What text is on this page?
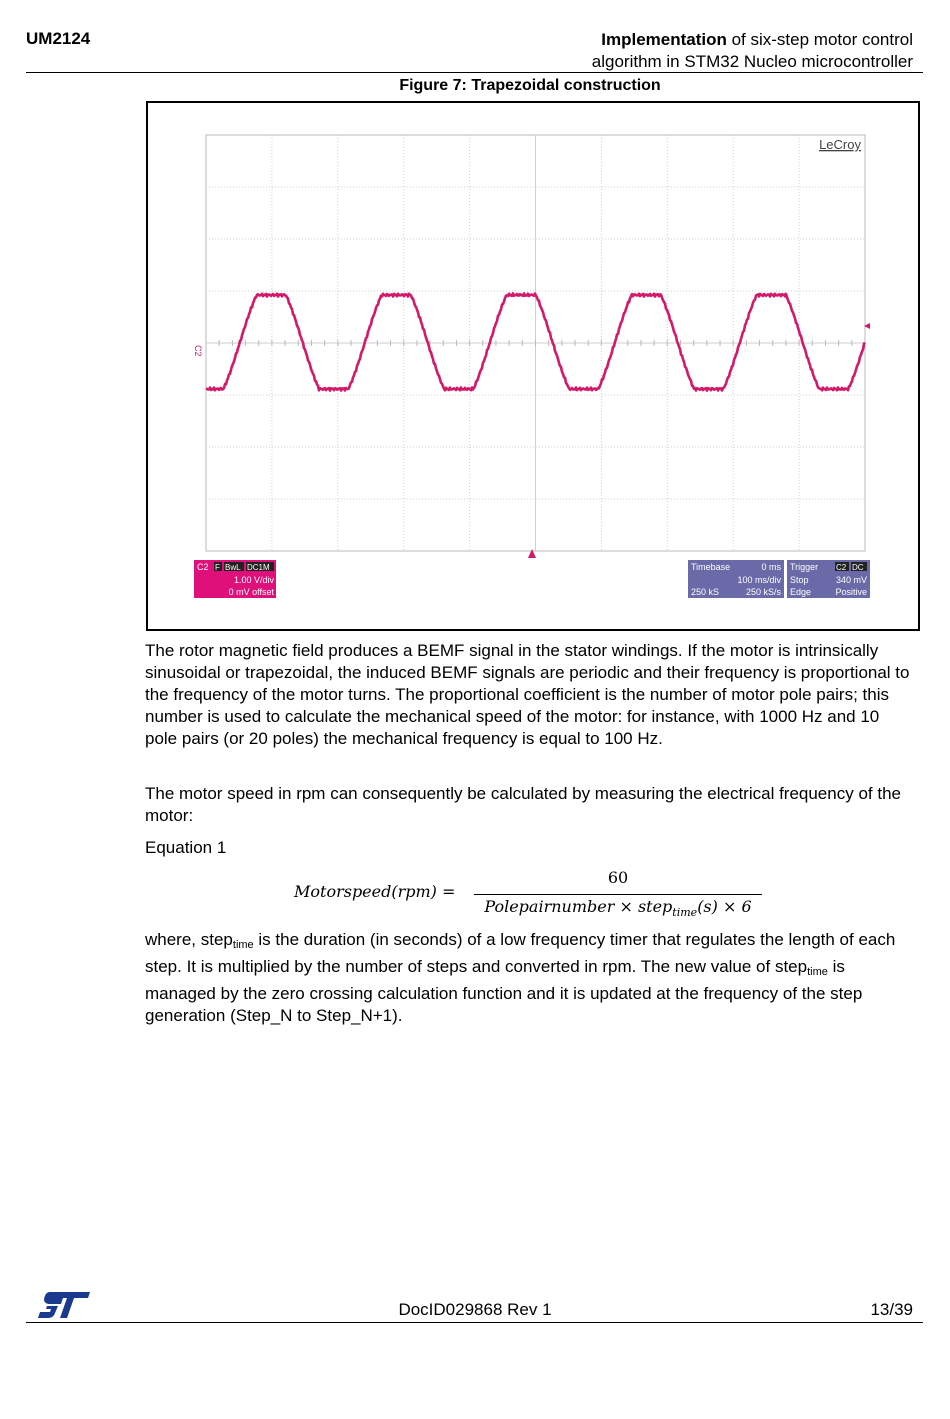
UM2124	Implementation of six-step motor control
algorithm in STM32 Nucleo microcontroller
Figure 7: Trapezoidal construction
LeCroy
C2
C2 F BwL DC1M
1.00 V/div
0 mV offset
Timebase	0 ms
100 ms/div
250 kS	250 kS/s
Trigger C2 DC
Stop	340 mV
Edge	Positive
The rotor magnetic field produces a BEMF signal in the stator windings. If the motor is intrinsically sinusoidal or trapezoidal, the induced BEMF signals are periodic and their frequency is proportional to the frequency of the motor turns. The proportional coefficient is the number of motor pole pairs; this number is used to calculate the mechanical speed of the motor: for instance, with 1000 Hz and 10 pole pairs (or 20 poles) the mechanical frequency is equal to 100 Hz.
The motor speed in rpm can consequently be calculated by measuring the electrical frequency of the motor:
Equation 1
Motorspeed(rpm) =
60
Polepairnumber × step$_{time}$(s) × 6
where, steptime is the duration (in seconds) of a low frequency timer that regulates the length of each step. It is multiplied by the number of steps and converted in rpm. The new value of steptime is managed by the zero crossing calculation function and it is updated at the frequency of the step generation (Step_N to Step_N+1).
DocID029868 Rev 1	13/39
